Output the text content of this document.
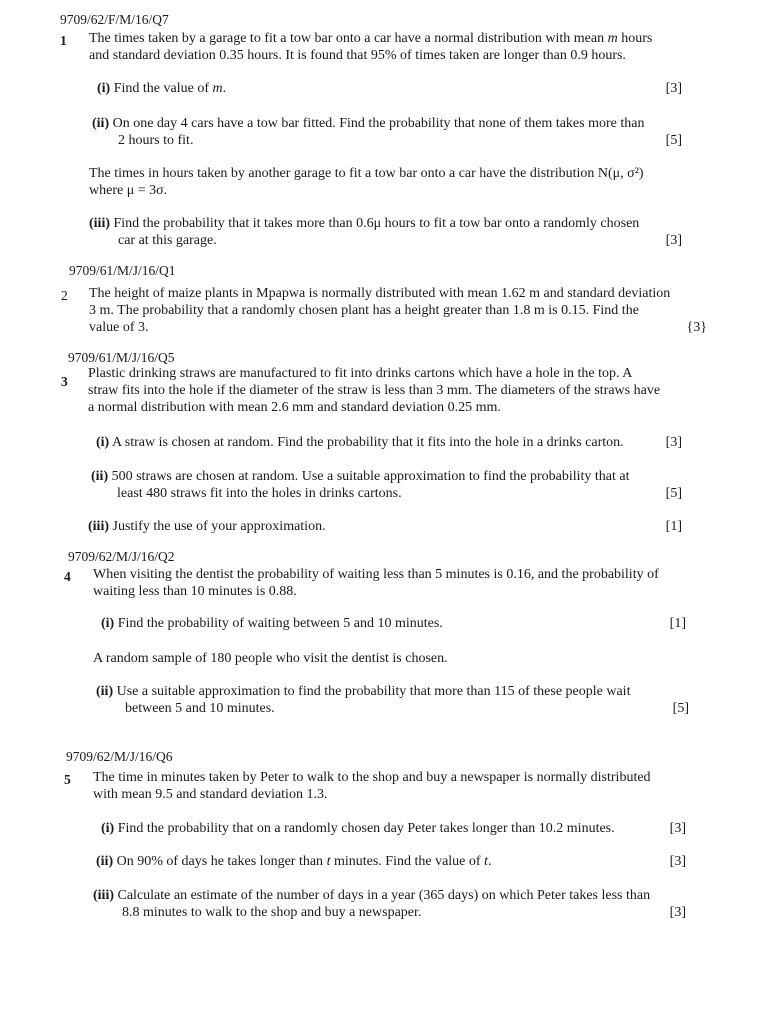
9709/62/F/M/16/Q7
1 The times taken by a garage to fit a tow bar onto a car have a normal distribution with mean m hours
and standard deviation 0.35 hours. It is found that 95% of times taken are longer than 0.9 hours.
(i) Find the value of m.	[3]
(ii) On one day 4 cars have a tow bar fitted. Find the probability that none of them takes more than
2 hours to fit.	[5]
The times in hours taken by another garage to fit a tow bar onto a car have the distribution N(μ, σ²)
where μ = 3σ.
(iii) Find the probability that it takes more than 0.6μ hours to fit a tow bar onto a randomly chosen
car at this garage.	[3]
9709/61/M/J/16/Q1
2 The height of maize plants in Mpapwa is normally distributed with mean 1.62 m and standard deviation
3 m. The probability that a randomly chosen plant has a height greater than 1.8 m is 0.15. Find the
value of 3.	{3}
9709/61/M/J/16/Q5
3
Plastic drinking straws are manufactured to fit into drinks cartons which have a hole in the top. A
straw fits into the hole if the diameter of the straw is less than 3 mm. The diameters of the straws have
a normal distribution with mean 2.6 mm and standard deviation 0.25 mm.
(i) A straw is chosen at random. Find the probability that it fits into the hole in a drinks carton.	[3]
(ii) 500 straws are chosen at random. Use a suitable approximation to find the probability that at
least 480 straws fit into the holes in drinks cartons.	[5]
(iii) Justify the use of your approximation.	[1]
9709/62/M/J/16/Q2
4 When visiting the dentist the probability of waiting less than 5 minutes is 0.16, and the probability of
waiting less than 10 minutes is 0.88.
(i) Find the probability of waiting between 5 and 10 minutes.	[1]
A random sample of 180 people who visit the dentist is chosen.
(ii) Use a suitable approximation to find the probability that more than 115 of these people wait
between 5 and 10 minutes.	[5]
9709/62/M/J/16/Q6
5 The time in minutes taken by Peter to walk to the shop and buy a newspaper is normally distributed
with mean 9.5 and standard deviation 1.3.
(i) Find the probability that on a randomly chosen day Peter takes longer than 10.2 minutes.	[3]
(ii) On 90% of days he takes longer than t minutes. Find the value of t.	[3]
(iii) Calculate an estimate of the number of days in a year (365 days) on which Peter takes less than
8.8 minutes to walk to the shop and buy a newspaper.	[3]
